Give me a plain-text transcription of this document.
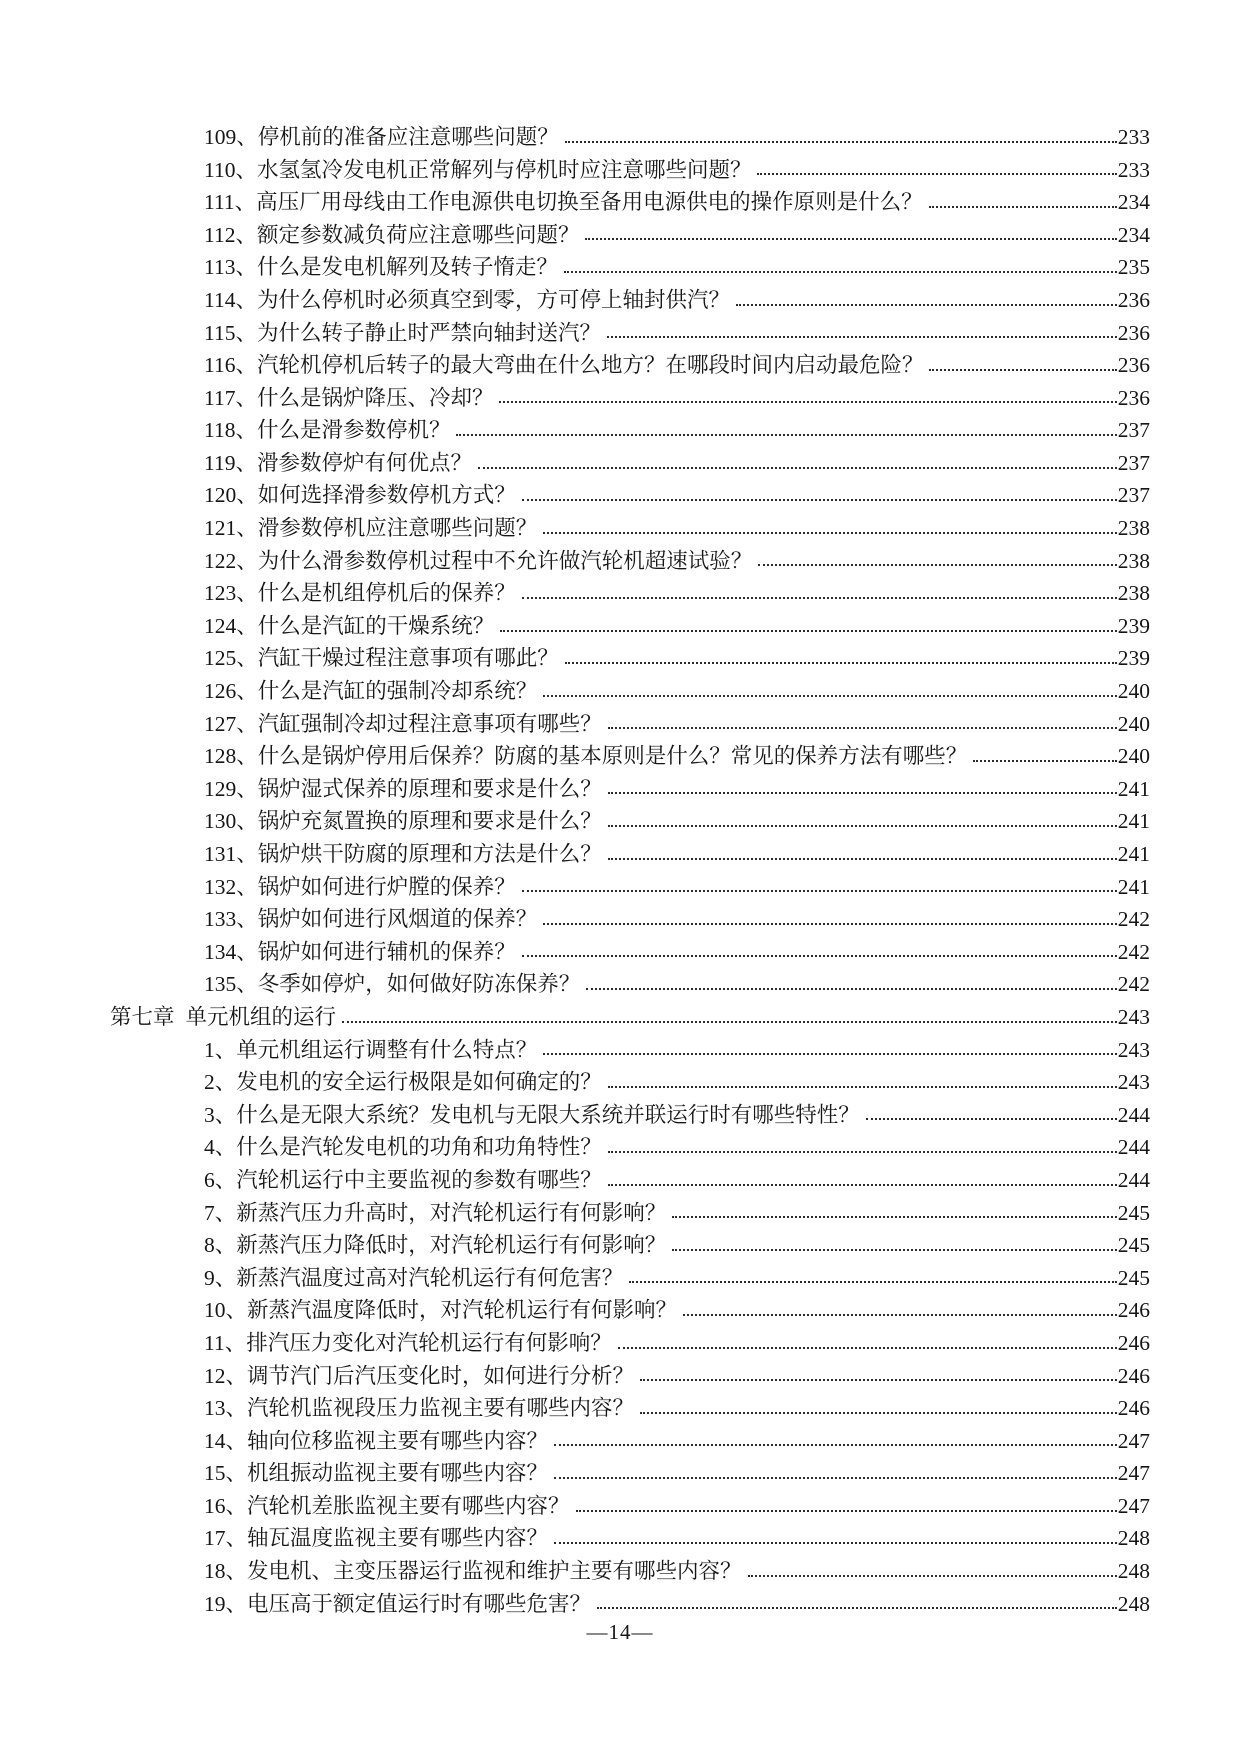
109、 停机前的准备应注意哪些问题？	233
110、 水氢氢冷发电机正常解列与停机时应注意哪些问题？	233
111、 高压厂用母线由工作电源供电切换至备用电源供电的操作原则是什么？	234
112、 额定参数减负荷应注意哪些问题？	234
113、 什么是发电机解列及转子惰走？	235
114、 为什么停机时必须真空到零，方可停上轴封供汽？	236
115、 为什么转子静止时严禁向轴封送汽？	236
116、 汽轮机停机后转子的最大弯曲在什么地方？在哪段时间内启动最危险？	236
117、 什么是锅炉降压、冷却？	236
118、 什么是滑参数停机？	237
119、 滑参数停炉有何优点？	237
120、 如何选择滑参数停机方式？	237
121、 滑参数停机应注意哪些问题？	238
122、 为什么滑参数停机过程中不允许做汽轮机超速试验？	238
123、 什么是机组停机后的保养？	238
124、 什么是汽缸的干燥系统？	239
125、 汽缸干燥过程注意事项有哪此？	239
126、 什么是汽缸的强制冷却系统？	240
127、 汽缸强制冷却过程注意事项有哪些？	240
128、 什么是锅炉停用后保养？防腐的基本原则是什么？常见的保养方法有哪些？	240
129、 锅炉湿式保养的原理和要求是什么？	241
130、 锅炉充氮置换的原理和要求是什么？	241
131、 锅炉烘干防腐的原理和方法是什么？	241
132、 锅炉如何进行炉膛的保养？	241
133、 锅炉如何进行风烟道的保养？	242
134、 锅炉如何进行辅机的保养？	242
135、 冬季如停炉，如何做好防冻保养？	242
第七章 单元机组的运行	243
1、 单元机组运行调整有什么特点？	243
2、 发电机的安全运行极限是如何确定的？	243
3、 什么是无限大系统？发电机与无限大系统并联运行时有哪些特性？	244
4、 什么是汽轮发电机的功角和功角特性？	244
6、 汽轮机运行中主要监视的参数有哪些？	244
7、 新蒸汽压力升高时，对汽轮机运行有何影响？	245
8、 新蒸汽压力降低时，对汽轮机运行有何影响？	245
9、 新蒸汽温度过高对汽轮机运行有何危害？	245
10、 新蒸汽温度降低时，对汽轮机运行有何影响？	246
11、 排汽压力变化对汽轮机运行有何影响？	246
12、 调节汽门后汽压变化时，如何进行分析？	246
13、 汽轮机监视段压力监视主要有哪些内容？	246
14、 轴向位移监视主要有哪些内容？	247
15、 机组振动监视主要有哪些内容？	247
16、 汽轮机差胀监视主要有哪些内容？	247
17、 轴瓦温度监视主要有哪些内容？	248
18、 发电机、主变压器运行监视和维护主要有哪些内容？	248
19、 电压高于额定值运行时有哪些危害？	248
—14—
